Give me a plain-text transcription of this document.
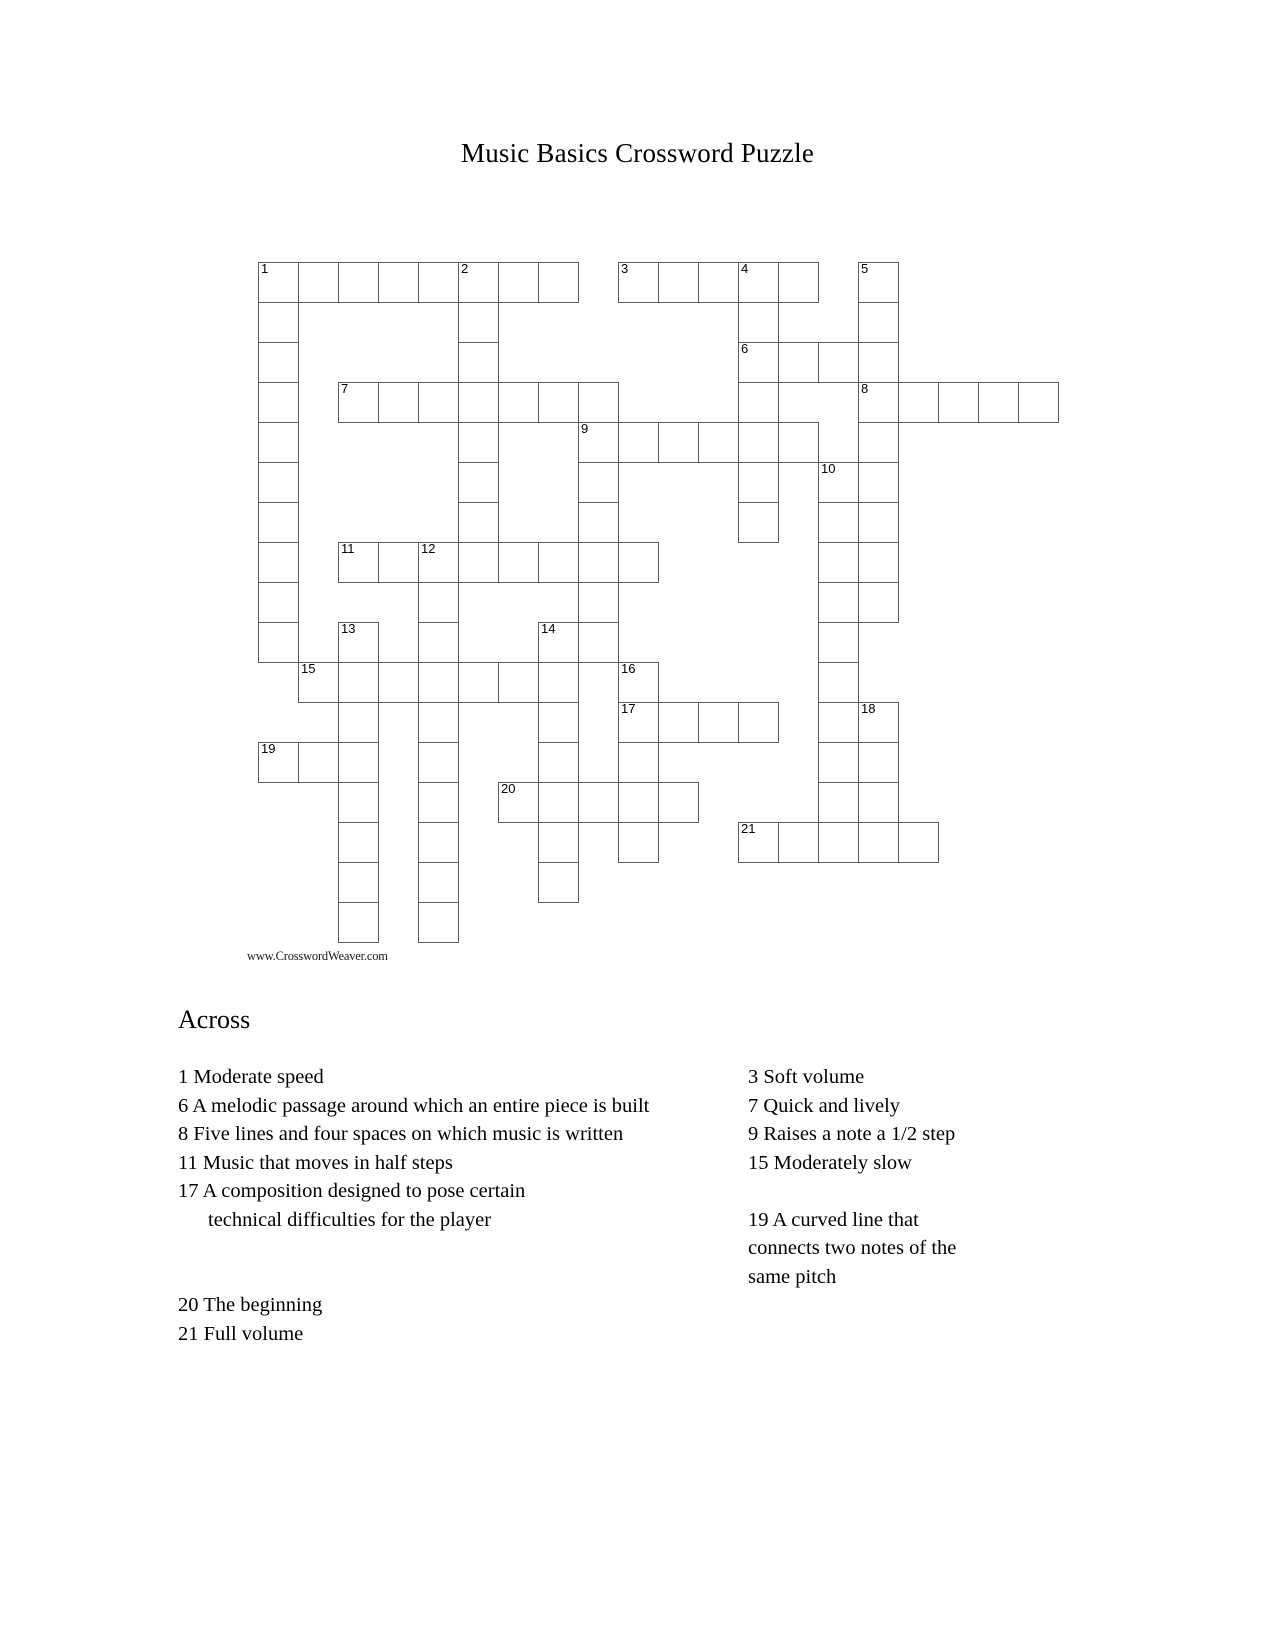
Music Basics Crossword Puzzle
1	2	3	4	5
6
7	8
9
10
11	12
13	14
15	16
17	18
19
20
21
www.CrosswordWeaver.com
Across
1 Moderate speed
6 A melodic passage around which an entire piece is built
8 Five lines and four spaces on which music is written
11 Music that moves in half steps
17 A composition designed to pose certain
technical difficulties for the player

20 The beginning
21 Full volume
3 Soft volume
7 Quick and lively
9 Raises a note a 1/2 step
15 Moderately slow

19 A curved line that
connects two notes of the
same pitch
